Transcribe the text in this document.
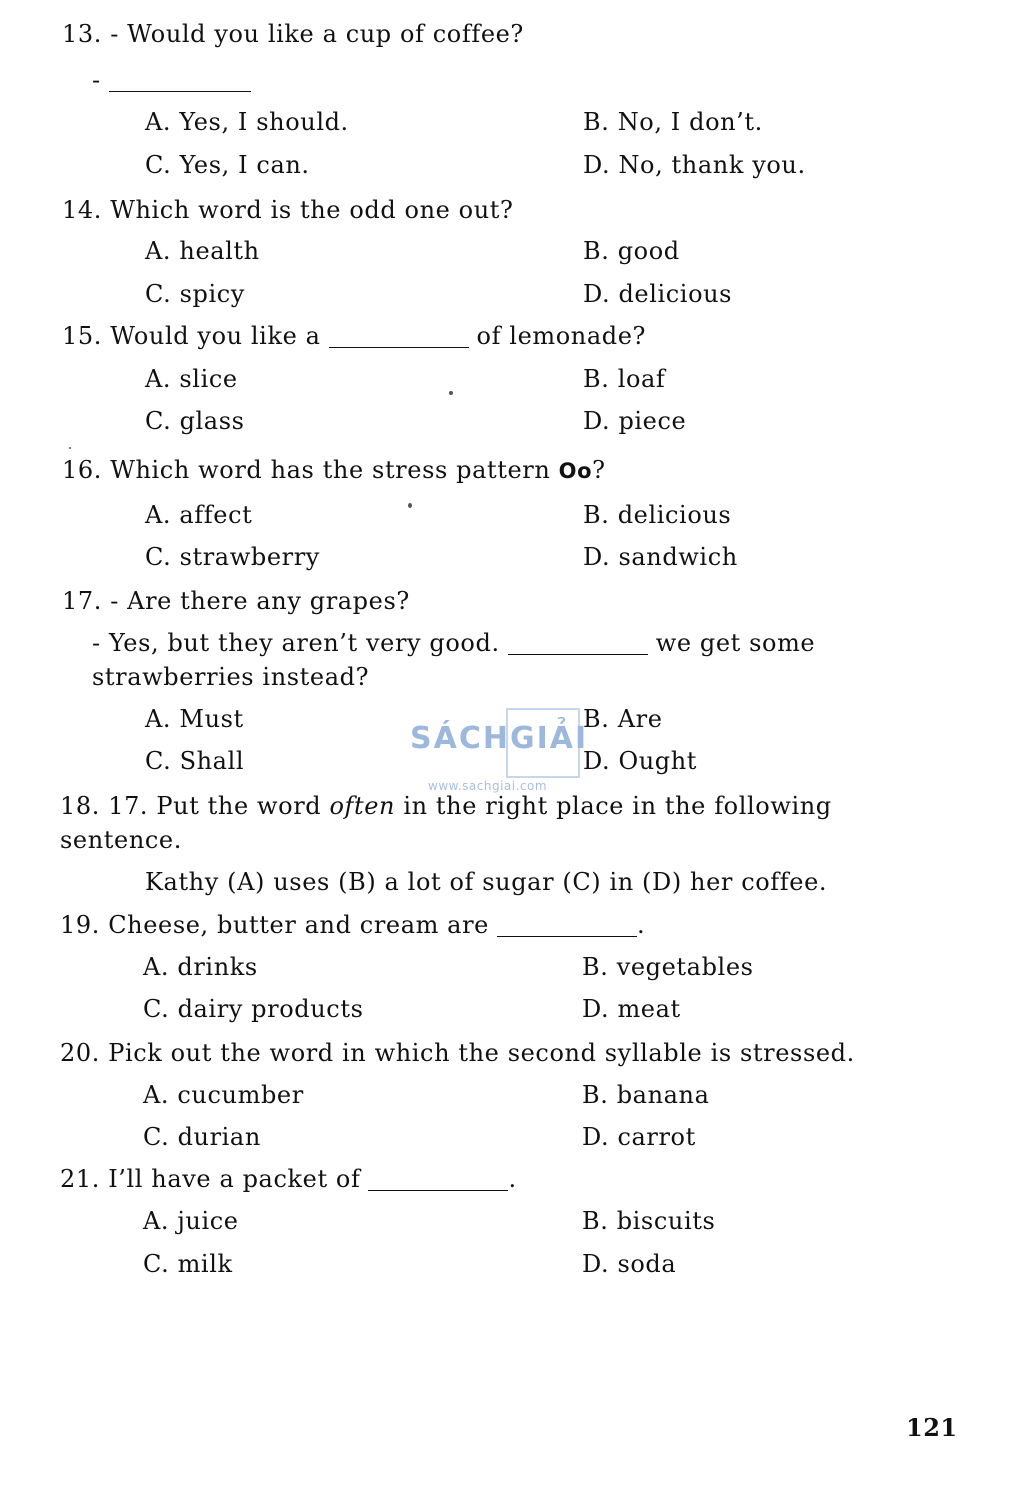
13. - Would you like a cup of coffee?
-
A. Yes, I should.	B. No, I don’t.
C. Yes, I can.	D. No, thank you.
14. Which word is the odd one out?
A. health	B. good
C. spicy	D. delicious
15. Would you like a	of lemonade?
A. slice	B. loaf
C. glass	D. piece
16. Which word has the stress pattern Oo?
A. affect	B. delicious
C. strawberry	D. sandwich
17. - Are there any grapes?
- Yes, but they aren’t very good.	we get some
strawberries instead?
A. Must	B. Are
C. Shall	D. Ought
18. 17. Put the word often in the right place in the following
sentence.
Kathy (A) uses (B) a lot of sugar (C) in (D) her coffee.
19. Cheese, butter and cream are	.
A. drinks	B. vegetables
C. dairy products	D. meat
20. Pick out the word in which the second syllable is stressed.
A. cucumber	B. banana
C. durian	D. carrot
21. I’ll have a packet of	.
A. juice	B. biscuits
C. milk	D. soda
121
SÁCHGIẢI
www.sachgiai.com
